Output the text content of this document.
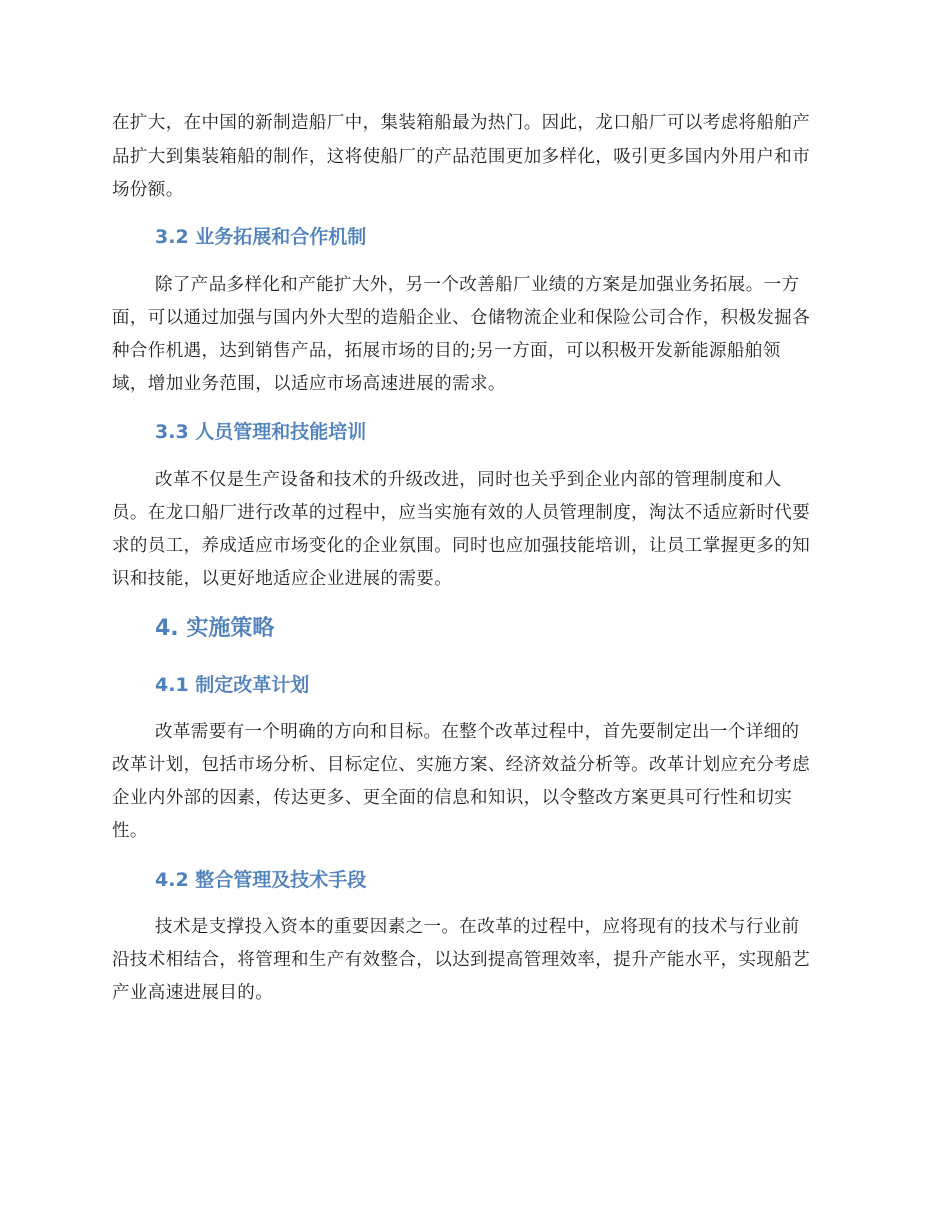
在扩大，在中国的新制造船厂中，集装箱船最为热门。因此，龙口船厂可以考虑将船舶产
品扩大到集装箱船的制作，这将使船厂的产品范围更加多样化，吸引更多国内外用户和市
场份额。
3.2 业务拓展和合作机制
除了产品多样化和产能扩大外，另一个改善船厂业绩的方案是加强业务拓展。一方
面，可以通过加强与国内外大型的造船企业、仓储物流企业和保险公司合作，积极发掘各
种合作机遇，达到销售产品，拓展市场的目的;另一方面，可以积极开发新能源船舶领
域，增加业务范围，以适应市场高速进展的需求。
3.3 人员管理和技能培训
改革不仅是生产设备和技术的升级改进，同时也关乎到企业内部的管理制度和人
员。在龙口船厂进行改革的过程中，应当实施有效的人员管理制度，淘汰不适应新时代要
求的员工，养成适应市场变化的企业氛围。同时也应加强技能培训，让员工掌握更多的知
识和技能，以更好地适应企业进展的需要。
4. 实施策略
4.1 制定改革计划
改革需要有一个明确的方向和目标。在整个改革过程中，首先要制定出一个详细的
改革计划，包括市场分析、目标定位、实施方案、经济效益分析等。改革计划应充分考虑
企业内外部的因素，传达更多、更全面的信息和知识，以令整改方案更具可行性和切实
性。
4.2 整合管理及技术手段
技术是支撑投入资本的重要因素之一。在改革的过程中，应将现有的技术与行业前
沿技术相结合，将管理和生产有效整合，以达到提高管理效率，提升产能水平，实现船艺
产业高速进展目的。
